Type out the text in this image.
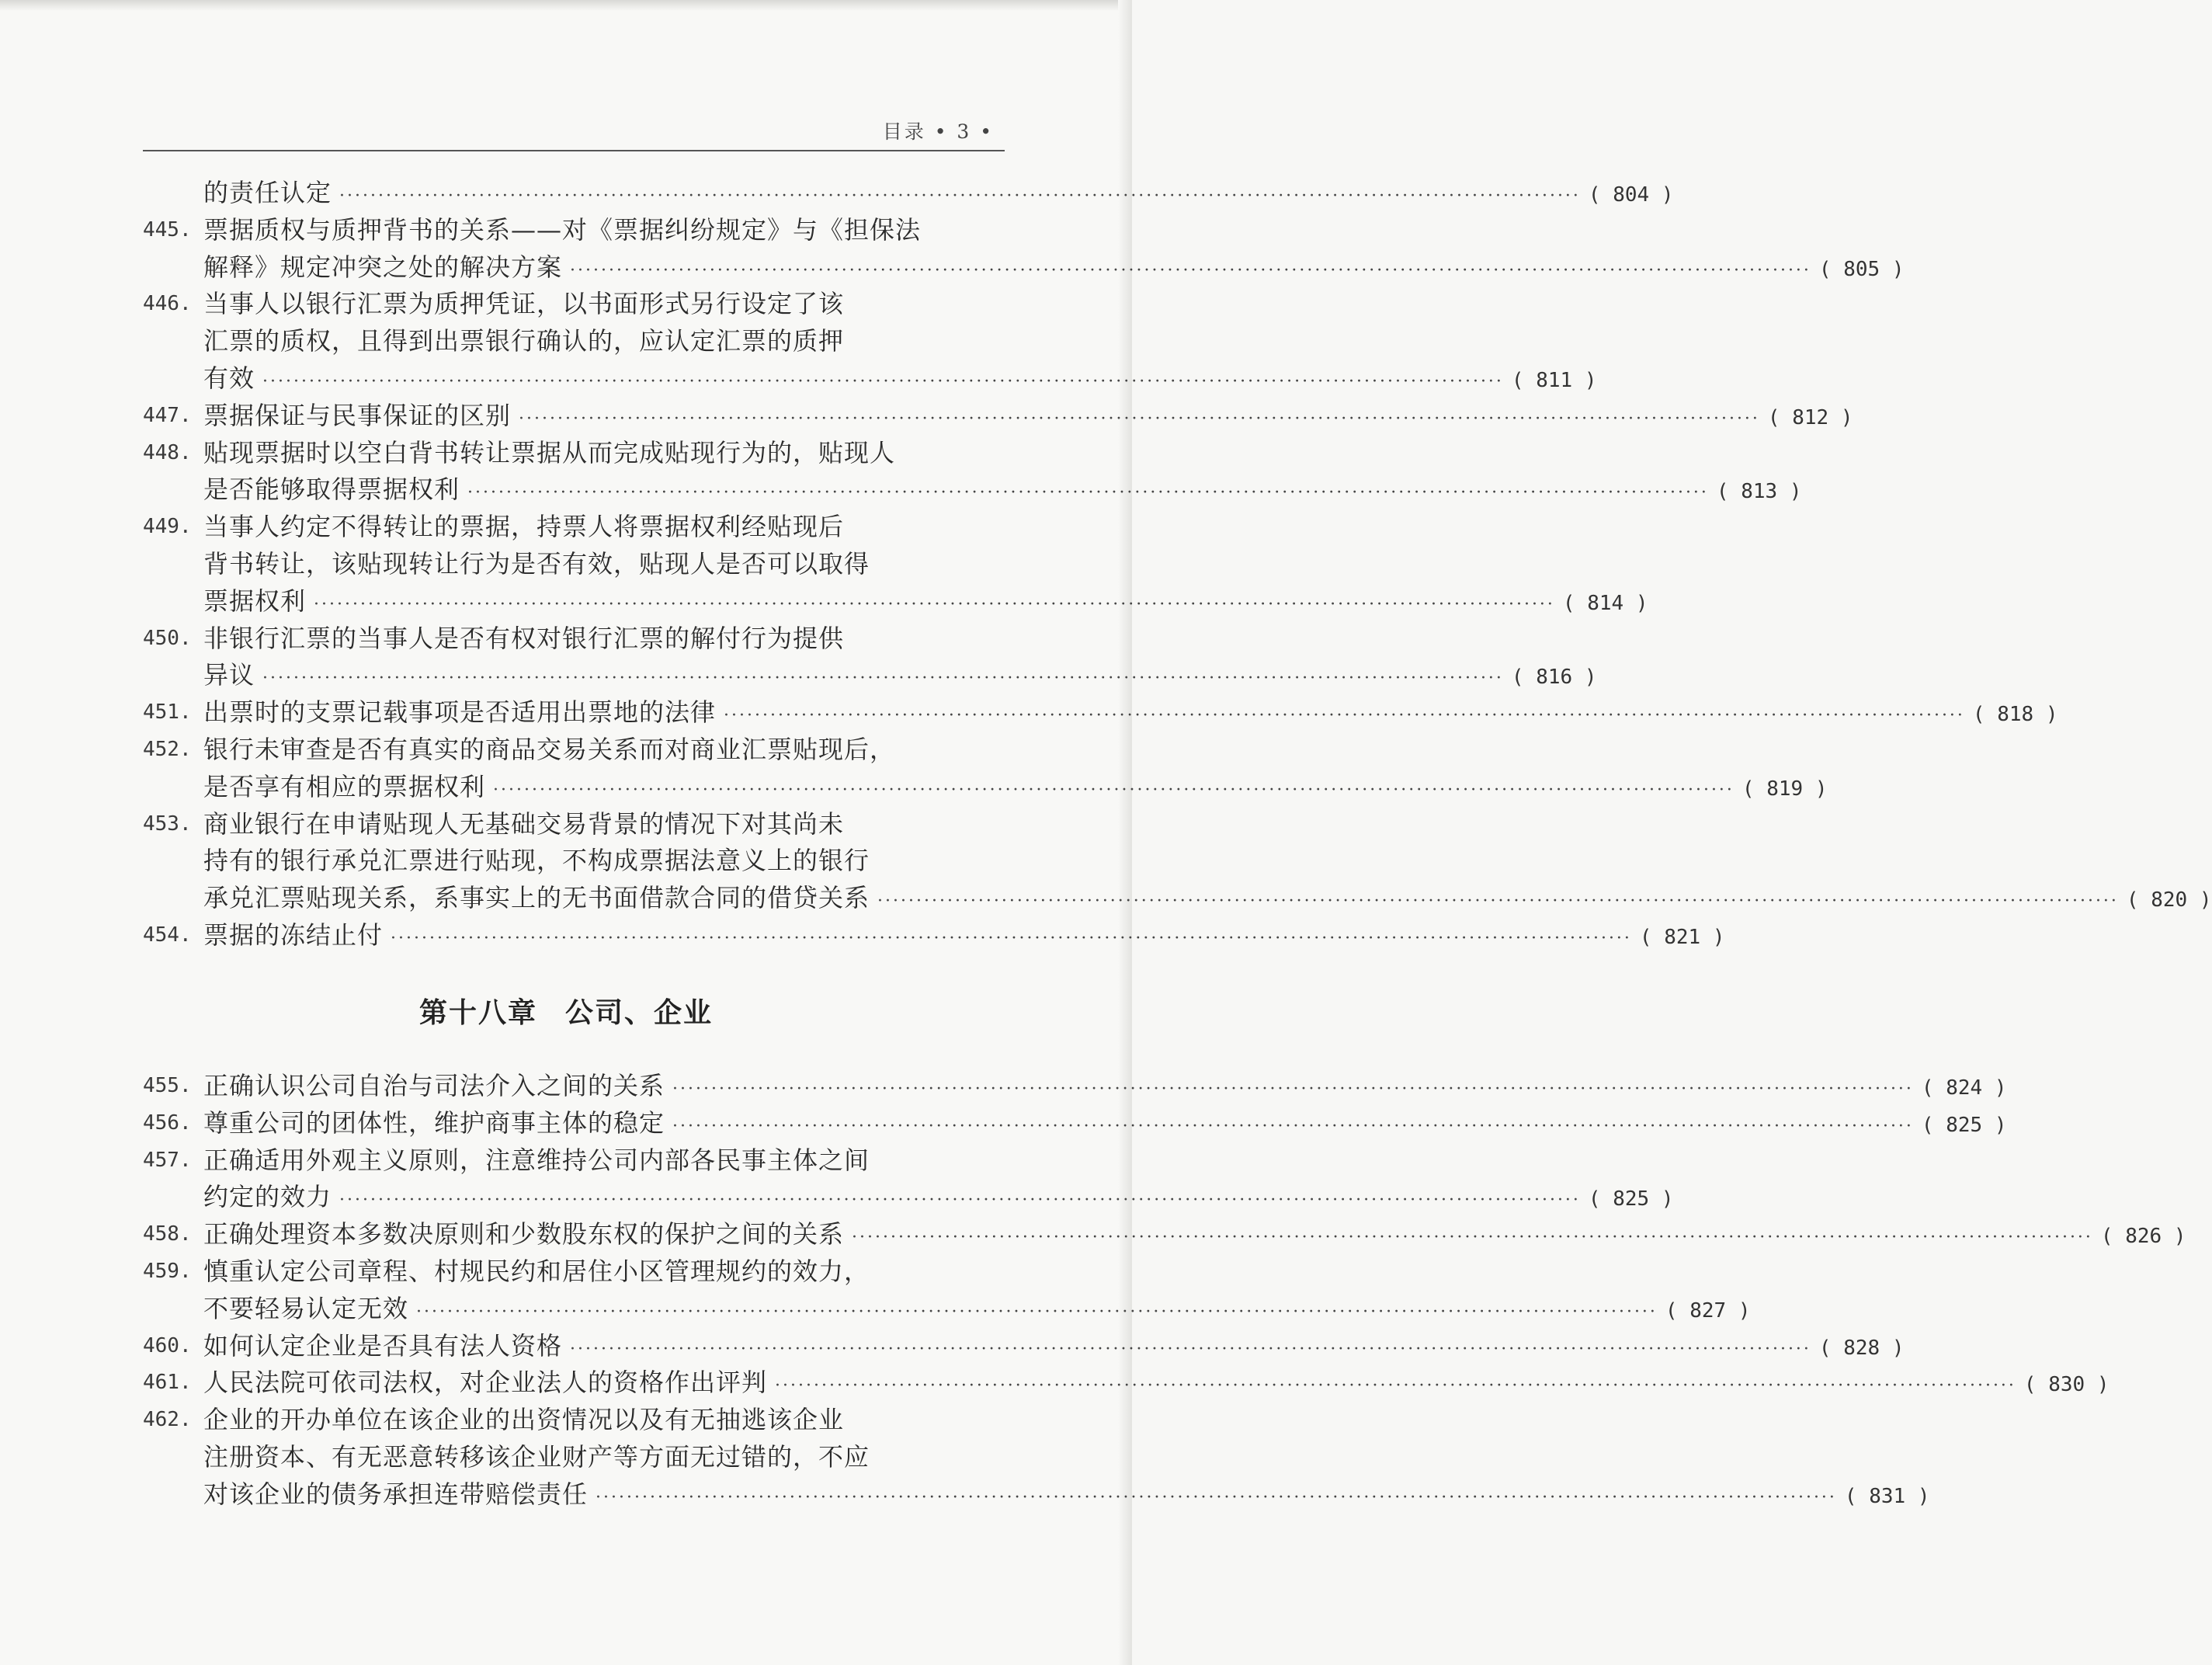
目录 • 3 •
第十八章 公司、企业
的责任认定 ································································································································································ ( 804 )
445. 票据质权与质押背书的关系——对《票据纠纷规定》与《担保法
解释》规定冲突之处的解决方案 ································································································································································ ( 805 )
446. 当事人以银行汇票为质押凭证，以书面形式另行设定了该
汇票的质权，且得到出票银行确认的，应认定汇票的质押
有效 ································································································································································ ( 811 )
447. 票据保证与民事保证的区别 ································································································································································ ( 812 )
448. 贴现票据时以空白背书转让票据从而完成贴现行为的，贴现人
是否能够取得票据权利 ································································································································································ ( 813 )
449. 当事人约定不得转让的票据，持票人将票据权利经贴现后
背书转让，该贴现转让行为是否有效，贴现人是否可以取得
票据权利 ································································································································································ ( 814 )
450. 非银行汇票的当事人是否有权对银行汇票的解付行为提供
异议 ································································································································································ ( 816 )
451. 出票时的支票记载事项是否适用出票地的法律 ································································································································································ ( 818 )
452. 银行未审查是否有真实的商品交易关系而对商业汇票贴现后，
是否享有相应的票据权利 ································································································································································ ( 819 )
453. 商业银行在申请贴现人无基础交易背景的情况下对其尚未
持有的银行承兑汇票进行贴现，不构成票据法意义上的银行
承兑汇票贴现关系，系事实上的无书面借款合同的借贷关系 ································································································································································ ( 820 )
454. 票据的冻结止付 ································································································································································ ( 821 )
455. 正确认识公司自治与司法介入之间的关系 ································································································································································ ( 824 )
456. 尊重公司的团体性，维护商事主体的稳定 ································································································································································ ( 825 )
457. 正确适用外观主义原则，注意维持公司内部各民事主体之间
约定的效力 ································································································································································ ( 825 )
458. 正确处理资本多数决原则和少数股东权的保护之间的关系 ································································································································································ ( 826 )
459. 慎重认定公司章程、村规民约和居住小区管理规约的效力，
不要轻易认定无效 ································································································································································ ( 827 )
460. 如何认定企业是否具有法人资格 ································································································································································ ( 828 )
461. 人民法院可依司法权，对企业法人的资格作出评判 ································································································································································ ( 830 )
462. 企业的开办单位在该企业的出资情况以及有无抽逃该企业
注册资本、有无恶意转移该企业财产等方面无过错的，不应
对该企业的债务承担连带赔偿责任 ································································································································································ ( 831 )
